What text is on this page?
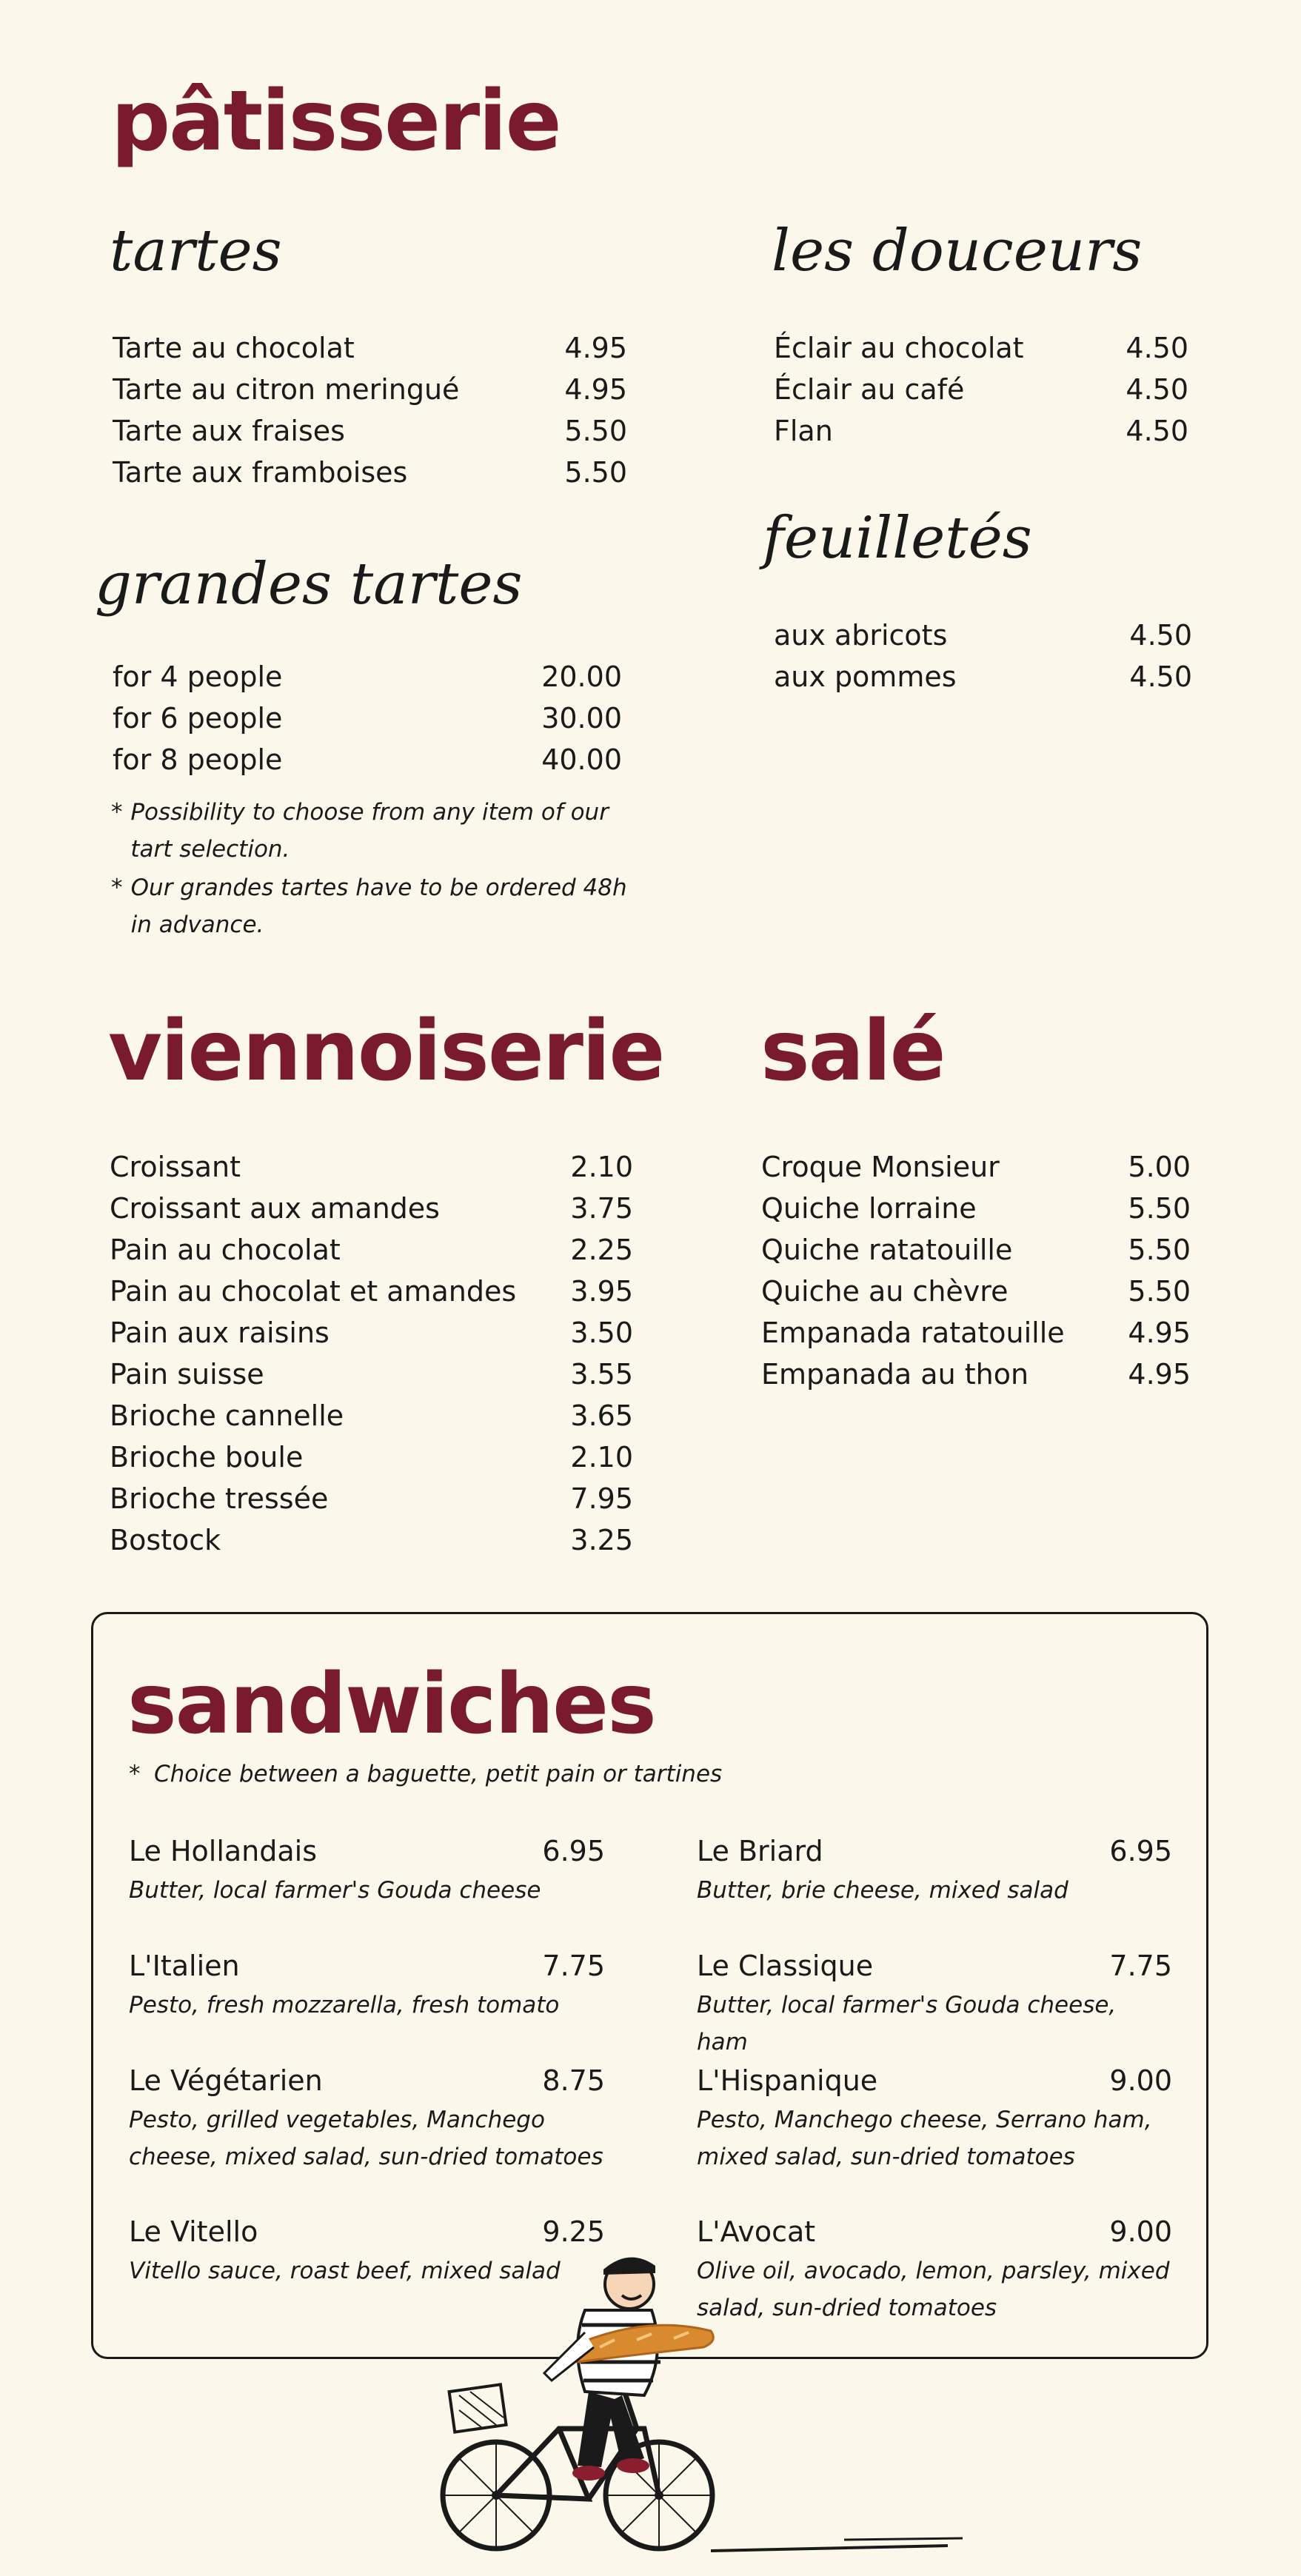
pâtisserie
tartes
Tarte au chocolat	4.95
Tarte au citron meringué	4.95
Tarte aux fraises	5.50
Tarte aux framboises	5.50
grandes tartes
for 4 people	20.00
for 6 people	30.00
for 8 people	40.00
* Possibility to choose from any item of our tart selection.
* Our grandes tartes have to be ordered 48h in advance.
les douceurs
Éclair au chocolat	4.50
Éclair au café	4.50
Flan	4.50
feuilletés
aux abricots	4.50
aux pommes	4.50
viennoiserie
Croissant	2.10
Croissant aux amandes	3.75
Pain au chocolat	2.25
Pain au chocolat et amandes 3.95
Pain aux raisins	3.50
Pain suisse	3.55
Brioche cannelle	3.65
Brioche boule	2.10
Brioche tressée	7.95
Bostock	3.25
salé
Croque Monsieur	5.00
Quiche lorraine	5.50
Quiche ratatouille	5.50
Quiche au chèvre	5.50
Empanada ratatouille 4.95
Empanada au thon	4.95
sandwiches
* Choice between a baguette, petit pain or tartines
Le Hollandais	6.95
Butter, local farmer's Gouda cheese
L'Italien	7.75
Pesto, fresh mozzarella, fresh tomato
Le Végétarien	8.75
Pesto, grilled vegetables, Manchego cheese, mixed salad, sun-dried tomatoes
Le Vitello	9.25
Vitello sauce, roast beef, mixed salad
Le Briard	6.95
Butter, brie cheese, mixed salad
Le Classique	7.75
Butter, local farmer's Gouda cheese, ham
L'Hispanique	9.00
Pesto, Manchego cheese, Serrano ham, mixed salad, sun-dried tomatoes
L'Avocat	9.00
Olive oil, avocado, lemon, parsley, mixed salad, sun-dried tomatoes
